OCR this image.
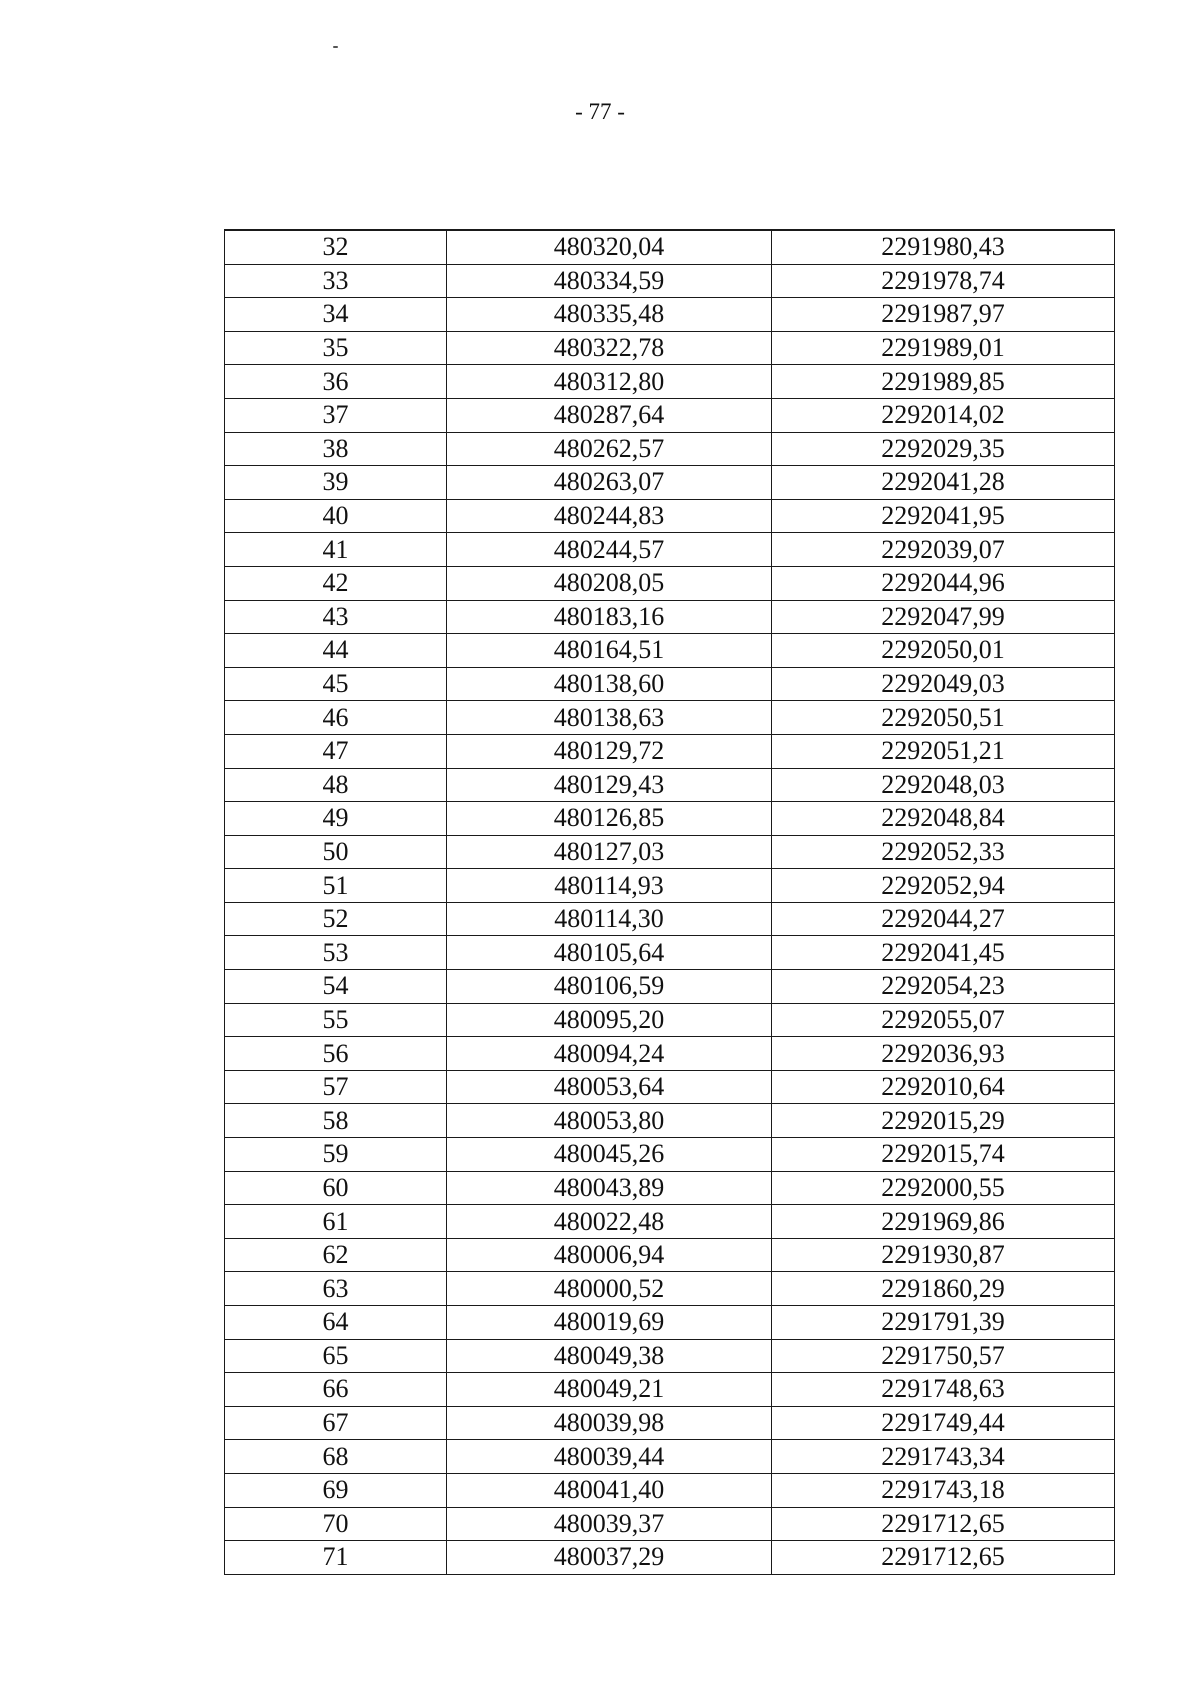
- 77 -
32	480320,04	2291980,43
33	480334,59	2291978,74
34	480335,48	2291987,97
35	480322,78	2291989,01
36	480312,80	2291989,85
37	480287,64	2292014,02
38	480262,57	2292029,35
39	480263,07	2292041,28
40	480244,83	2292041,95
41	480244,57	2292039,07
42	480208,05	2292044,96
43	480183,16	2292047,99
44	480164,51	2292050,01
45	480138,60	2292049,03
46	480138,63	2292050,51
47	480129,72	2292051,21
48	480129,43	2292048,03
49	480126,85	2292048,84
50	480127,03	2292052,33
51	480114,93	2292052,94
52	480114,30	2292044,27
53	480105,64	2292041,45
54	480106,59	2292054,23
55	480095,20	2292055,07
56	480094,24	2292036,93
57	480053,64	2292010,64
58	480053,80	2292015,29
59	480045,26	2292015,74
60	480043,89	2292000,55
61	480022,48	2291969,86
62	480006,94	2291930,87
63	480000,52	2291860,29
64	480019,69	2291791,39
65	480049,38	2291750,57
66	480049,21	2291748,63
67	480039,98	2291749,44
68	480039,44	2291743,34
69	480041,40	2291743,18
70	480039,37	2291712,65
71	480037,29	2291712,65
